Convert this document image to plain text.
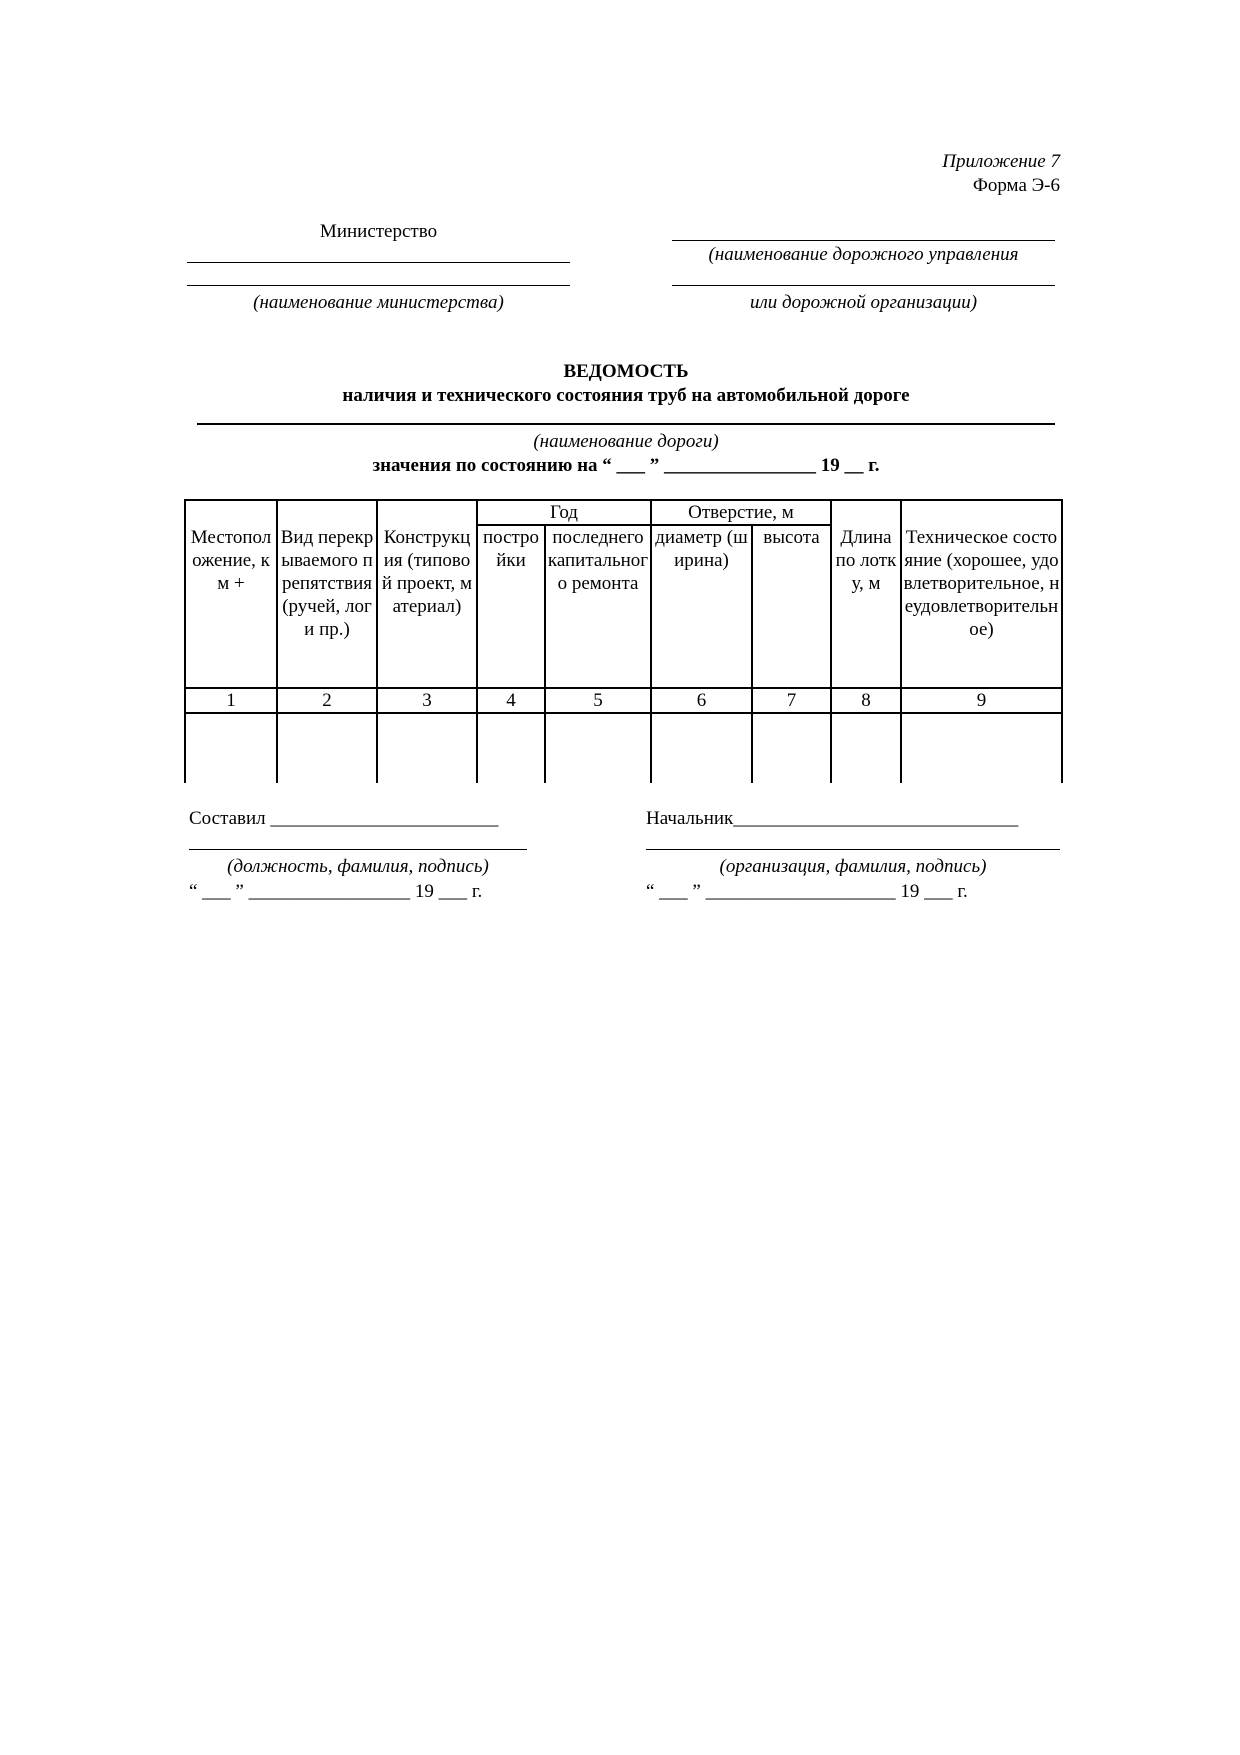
Приложение 7
Форма Э-6
Министерство
(наименование министерства)
(наименование дорожного управления
или дорожной организации)
ВЕДОМОСТЬ
наличия и технического состояния труб на автомобильной дороге
(наименование дороги)
значения по состоянию на “ ___ ” ________________ 19 __ г.
Местоположение, км +	Вид перекрываемого препятствия (ручей, лог и пр.)	Конструкция (типовой проект, материал)	Год		Отверстие, м		Длина по лотку, м	Техническое состояние (хорошее, удовлетворительное, неудовлетворительное)
			постройки	последнего капитального ремонта	диаметр (ширина)	высота		
1	2	3	4	5	6	7	8	9

Составил ________________________
(должность, фамилия, подпись)
“ ___ ” _________________ 19 ___ г.
Начальник______________________________
(организация, фамилия, подпись)
“ ___ ” ____________________ 19 ___ г.
